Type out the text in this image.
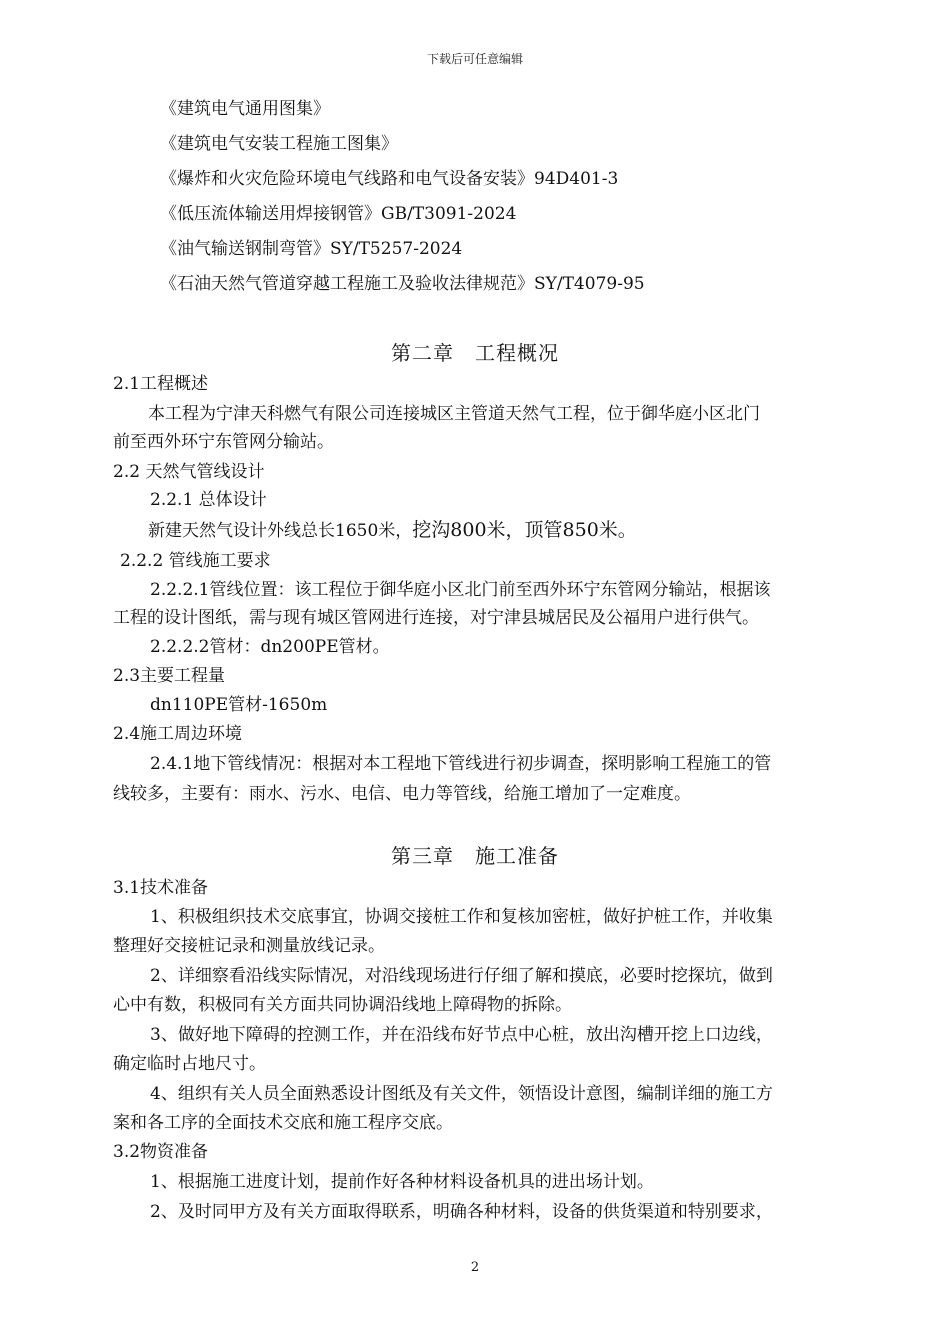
下载后可任意编辑
《建筑电气通用图集》
《建筑电气安装工程施工图集》
《爆炸和火灾危险环境电气线路和电气设备安装》94D401-3
《低压流体输送用焊接钢管》GB/T3091-2024
《油气输送钢制弯管》SY/T5257-2024
《石油天然气管道穿越工程施工及验收法律规范》SY/T4079-95
第二章　工程概况
2.1工程概述
本工程为宁津天科燃气有限公司连接城区主管道天然气工程，位于御华庭小区北门
前至西外环宁东管网分输站。
2.2 天然气管线设计
2.2.1 总体设计
新建天然气设计外线总长1650米，挖沟800米，顶管850米。
2.2.2 管线施工要求
2.2.2.1管线位置：该工程位于御华庭小区北门前至西外环宁东管网分输站，根据该
工程的设计图纸，需与现有城区管网进行连接，对宁津县城居民及公福用户进行供气。
2.2.2.2管材：dn200PE管材。
2.3主要工程量
dn110PE管材-1650m
2.4施工周边环境
2.4.1地下管线情况：根据对本工程地下管线进行初步调查，探明影响工程施工的管
线较多，主要有：雨水、污水、电信、电力等管线，给施工增加了一定难度。
第三章　施工准备
3.1技术准备
1、积极组织技术交底事宜，协调交接桩工作和复核加密桩，做好护桩工作，并收集
整理好交接桩记录和测量放线记录。
2、详细察看沿线实际情况，对沿线现场进行仔细了解和摸底，必要时挖探坑，做到
心中有数，积极同有关方面共同协调沿线地上障碍物的拆除。
3、做好地下障碍的控测工作，并在沿线布好节点中心桩，放出沟槽开挖上口边线，
确定临时占地尺寸。
4、组织有关人员全面熟悉设计图纸及有关文件，领悟设计意图，编制详细的施工方
案和各工序的全面技术交底和施工程序交底。
3.2物资准备
1、根据施工进度计划，提前作好各种材料设备机具的进出场计划。
2、及时同甲方及有关方面取得联系，明确各种材料，设备的供货渠道和特别要求，
2
